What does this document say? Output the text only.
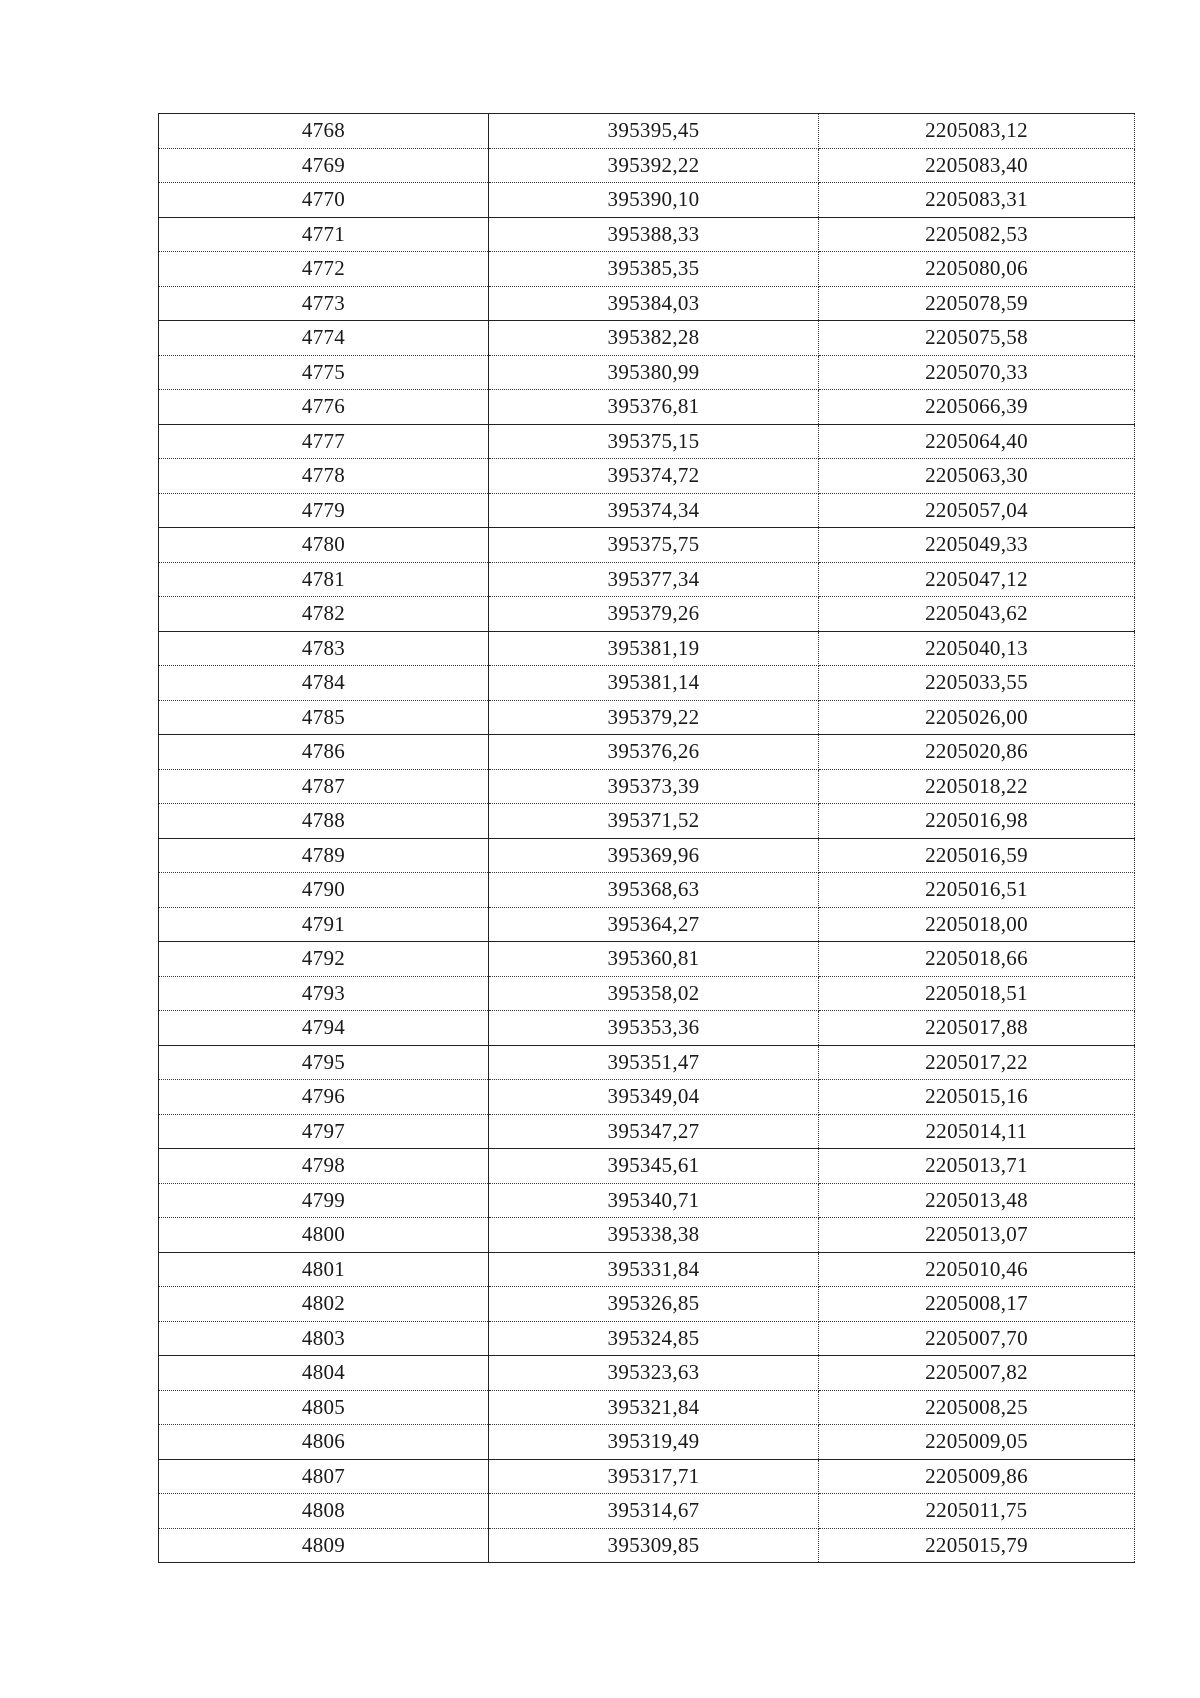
4768	395395,45	2205083,12
4769	395392,22	2205083,40
4770	395390,10	2205083,31
4771	395388,33	2205082,53
4772	395385,35	2205080,06
4773	395384,03	2205078,59
4774	395382,28	2205075,58
4775	395380,99	2205070,33
4776	395376,81	2205066,39
4777	395375,15	2205064,40
4778	395374,72	2205063,30
4779	395374,34	2205057,04
4780	395375,75	2205049,33
4781	395377,34	2205047,12
4782	395379,26	2205043,62
4783	395381,19	2205040,13
4784	395381,14	2205033,55
4785	395379,22	2205026,00
4786	395376,26	2205020,86
4787	395373,39	2205018,22
4788	395371,52	2205016,98
4789	395369,96	2205016,59
4790	395368,63	2205016,51
4791	395364,27	2205018,00
4792	395360,81	2205018,66
4793	395358,02	2205018,51
4794	395353,36	2205017,88
4795	395351,47	2205017,22
4796	395349,04	2205015,16
4797	395347,27	2205014,11
4798	395345,61	2205013,71
4799	395340,71	2205013,48
4800	395338,38	2205013,07
4801	395331,84	2205010,46
4802	395326,85	2205008,17
4803	395324,85	2205007,70
4804	395323,63	2205007,82
4805	395321,84	2205008,25
4806	395319,49	2205009,05
4807	395317,71	2205009,86
4808	395314,67	2205011,75
4809	395309,85	2205015,79
